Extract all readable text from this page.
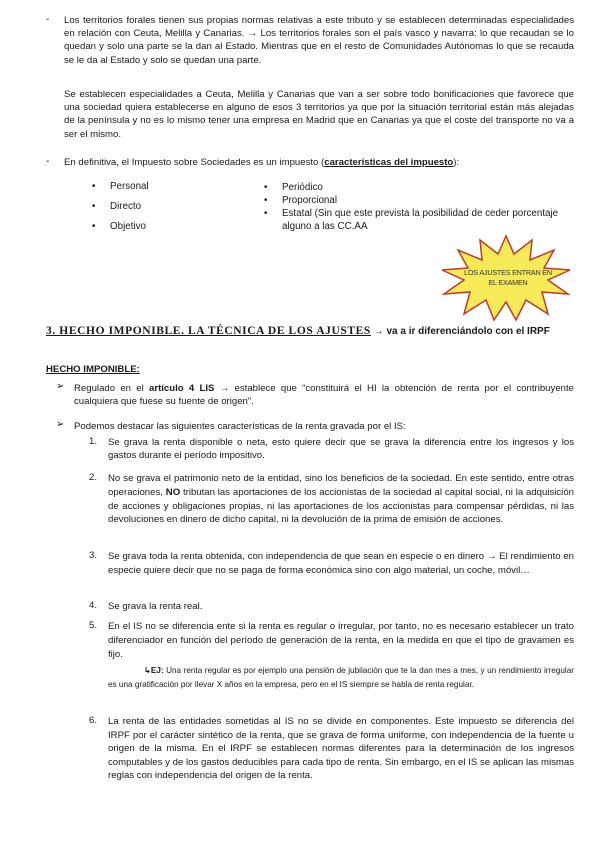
- Los territorios forales tienen sus propias normas relativas a este tributo y se establecen determinadas especialidades en relación con Ceuta, Melilla y Canarias. → Los territorios forales son el país vasco y navarra: lo que recaudan se lo quedan y solo una parte se la dan al Estado. Mientras que en el resto de Comunidades Autónomas lo que se recauda se le da al Estado y solo se quedan una parte.
Se establecen especialidades a Ceuta, Melilla y Canarias que van a ser sobre todo bonificaciones que favorece que una sociedad quiera establecerse en alguno de esos 3 territorios ya que por la situación territorial están más alejadas de la península y no es lo mismo tener una empresa en Madrid que en Canarias ya que el coste del transporte no va a ser el mismo.
- En definitiva, el Impuesto sobre Sociedades es un impuesto (características del impuesto):
• Personal
• Directo
• Objetivo
• Periódico
• Proporcional
•	Estatal (Sin que este prevista la posibilidad de ceder porcentaje alguno a las CC.AA
LOS AJUSTES ENTRAN EN EL EXAMEN
3. HECHO IMPONIBLE. LA TÉCNICA DE LOS AJUSTES → va a ir diferenciándolo con el IRPF
HECHO IMPONIBLE:
➢ Regulado en el artículo 4 LIS → establece que “constituirá el HI la obtención de renta por el contribuyente cualquiera que fuese su fuente de origen”.
➢ Podemos destacar las siguientes características de la renta gravada por el IS:
1. Se grava la renta disponible o neta, esto quiere decir que se grava la diferencia entre los ingresos y los gastos durante el período impositivo.
2. No se grava el patrimonio neto de la entidad, sino los beneficios de la sociedad. En este sentido, entre otras operaciones, NO tributan las aportaciones de los accionistas de la sociedad al capital social, ni la adquisición de acciones y obligaciones propias, ni las aportaciones de los accionistas para compensar pérdidas, ni las devoluciones en dinero de dicho capital, ni la devolución de la prima de emisión de acciones.
3. Se grava toda la renta obtenida, con independencia de que sean en especie o en dinero → El rendimiento en especie quiere decir que no se paga de forma económica sino con algo material, un coche, móvil…
4. Se grava la renta real.
5. En el IS no se diferencia ente si la renta es regular o irregular, por tanto, no es necesario establecer un trato diferenciador en función del período de generación de la renta, en la medida en que el tipo de gravamen es fijo.
↳EJ: Una renta regular es por ejemplo una pensión de jubilación que te la dan mes a mes, y un rendimiento irregular es una gratificación por llevar X años en la empresa, pero en el IS siempre se habla de renta regular.
6. La renta de las entidades sometidas al IS no se divide en componentes. Este impuesto se diferencia del IRPF por el carácter sintético de la renta, que se grava de forma uniforme, con independencia de la fuente u origen de la misma. En el IRPF se establecen normas diferentes para la determinación de los ingresos computables y de los gastos deducibles para cada tipo de renta. Sin embargo, en el IS se aplican las mismas reglas con independencia del origen de la renta.
